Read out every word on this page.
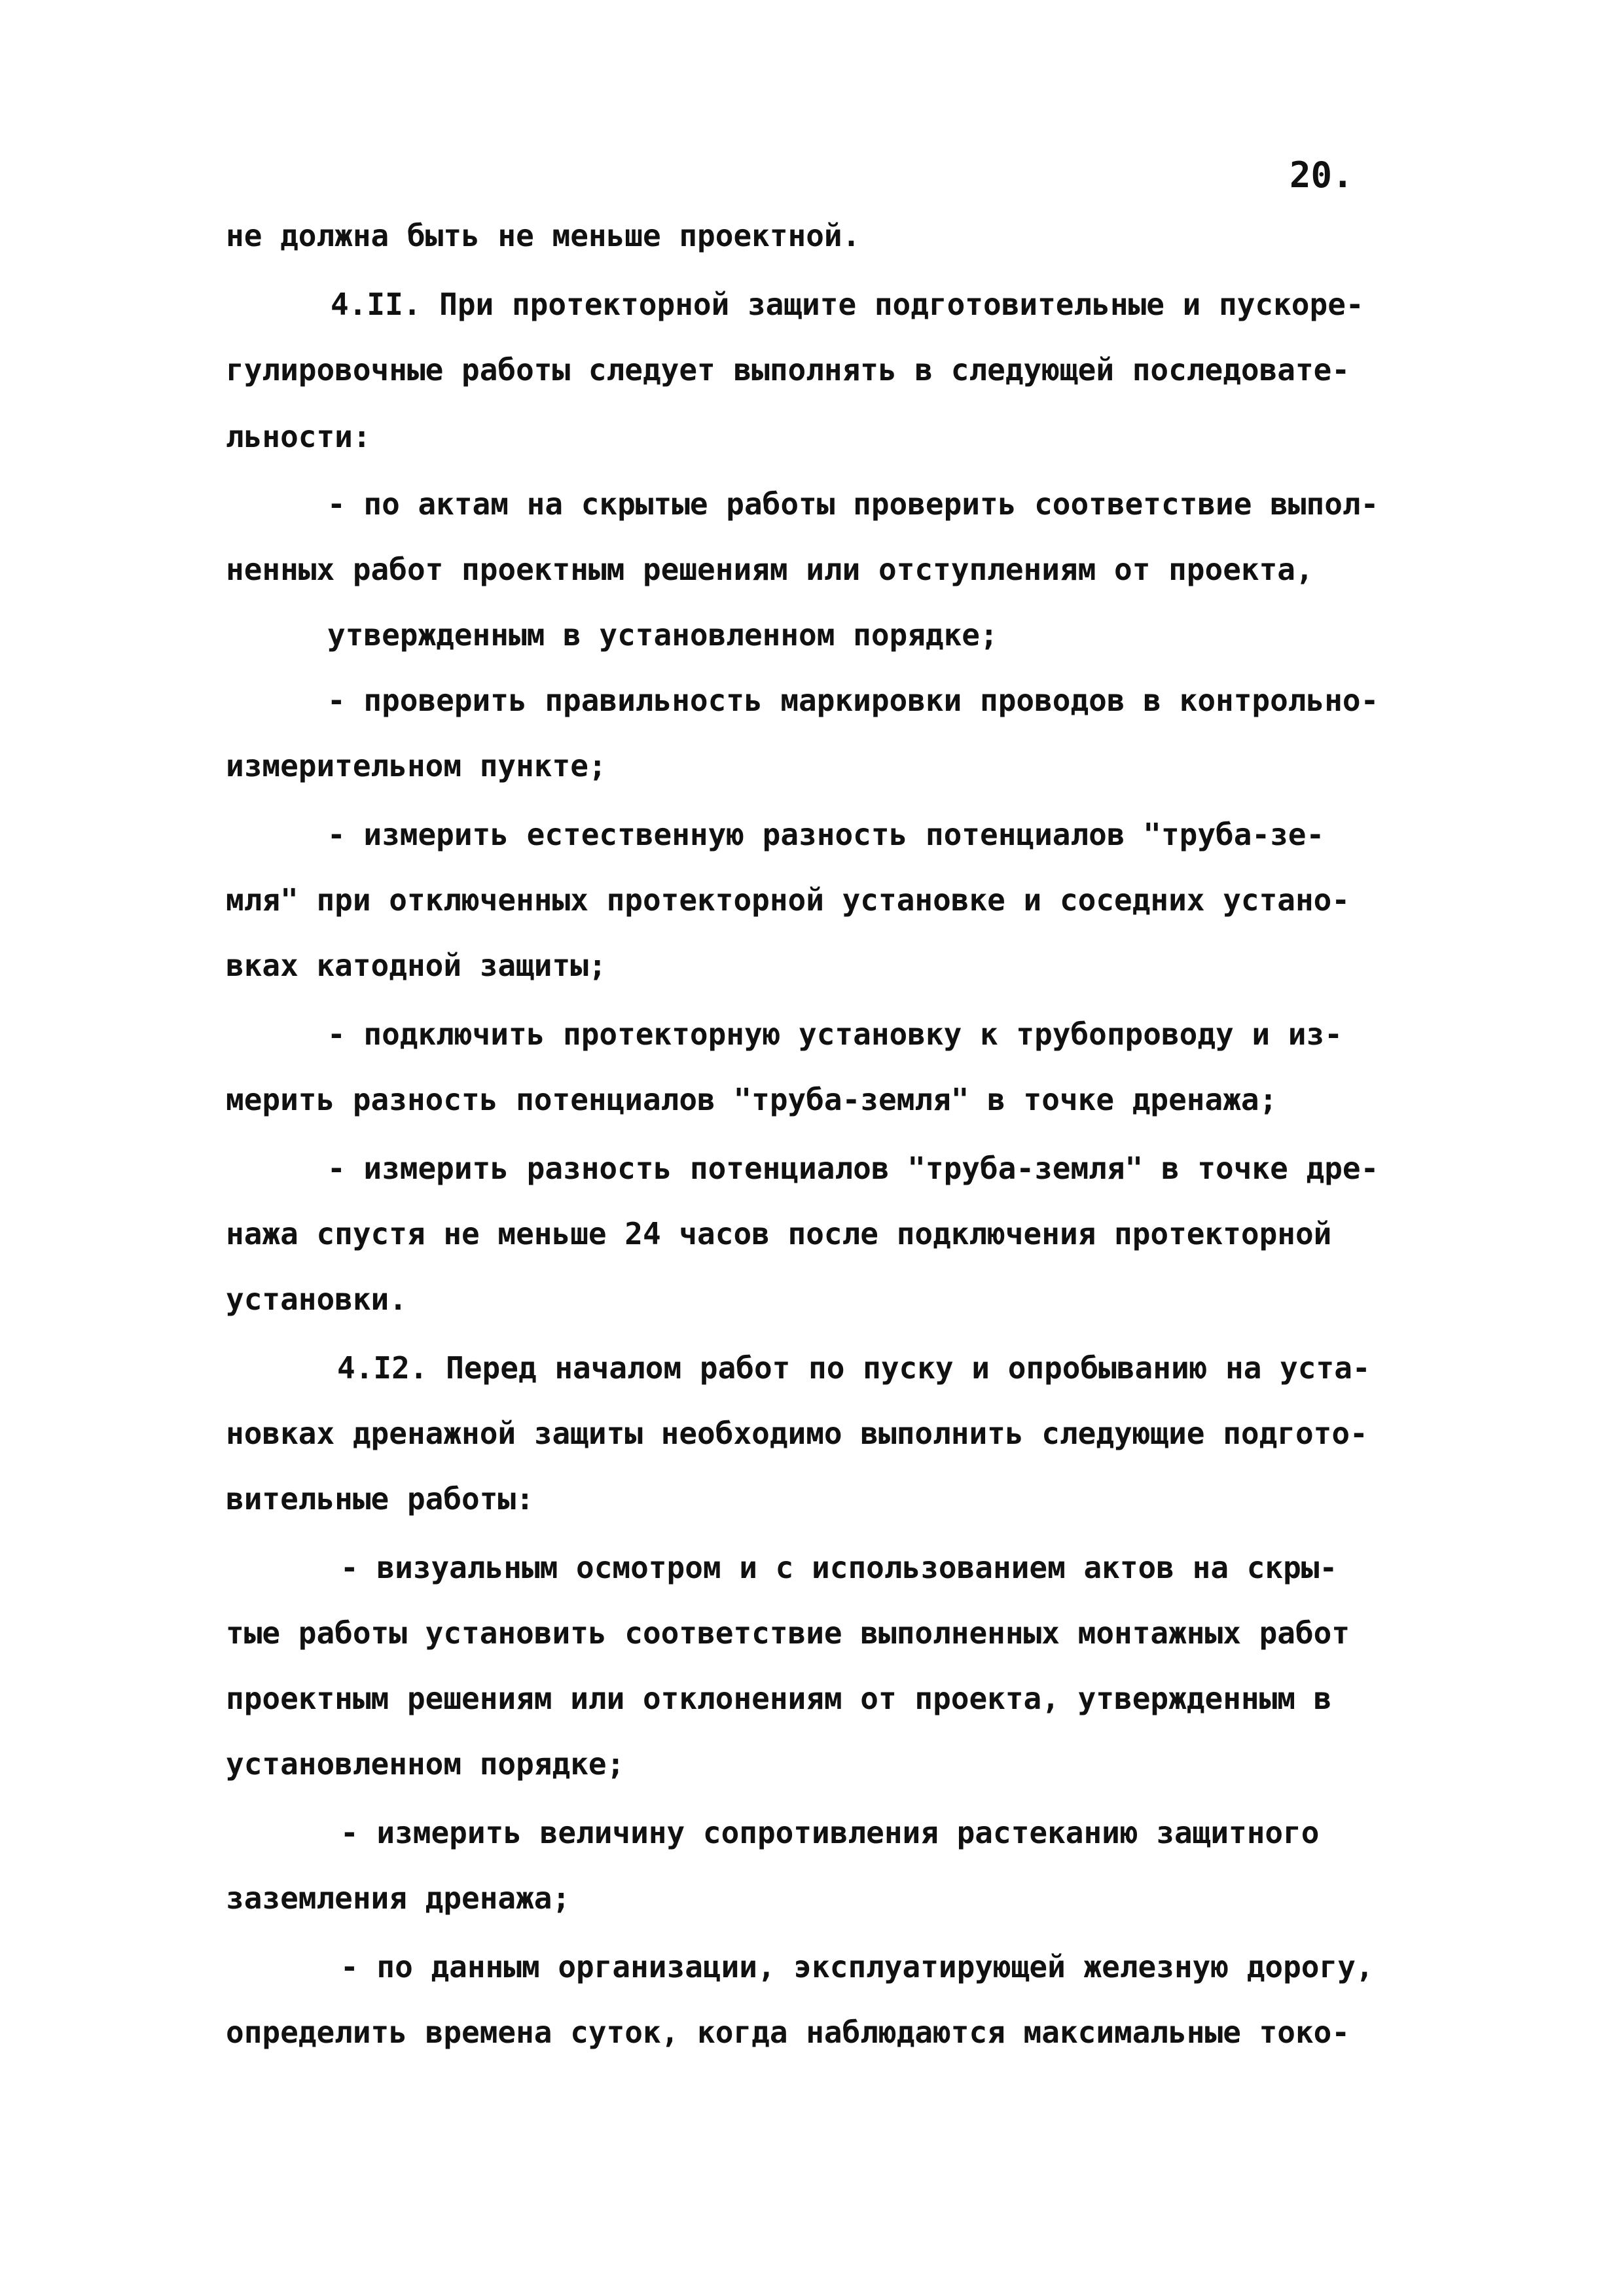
20.
не должна быть не меньше проектной.
4.II. При протекторной защите подготовительные и пускоре-
гулировочные работы следует выполнять в следующей последовате-
льности:
- по актам на скрытые работы проверить соответствие выпол-
ненных работ проектным решениям или отступлениям от проекта,
утвержденным в установленном порядке;
- проверить правильность маркировки проводов в контрольно-
измерительном пункте;
- измерить естественную разность потенциалов "труба-зе-
мля" при отключенных протекторной установке и соседних устано-
вках катодной защиты;
- подключить протекторную установку к трубопроводу и из-
мерить разность потенциалов "труба-земля" в точке дренажа;
- измерить разность потенциалов "труба-земля" в точке дре-
нажа спустя не меньше 24 часов после подключения протекторной
установки.
4.I2. Перед началом работ по пуску и опробыванию на уста-
новках дренажной защиты необходимо выполнить следующие подгото-
вительные работы:
- визуальным осмотром и с использованием актов на скры-
тые работы установить соответствие выполненных монтажных работ
проектным решениям или отклонениям от проекта, утвержденным в
установленном порядке;
- измерить величину сопротивления растеканию защитного
заземления дренажа;
- по данным организации, эксплуатирующей железную дорогу,
определить времена суток, когда наблюдаются максимальные токо-
